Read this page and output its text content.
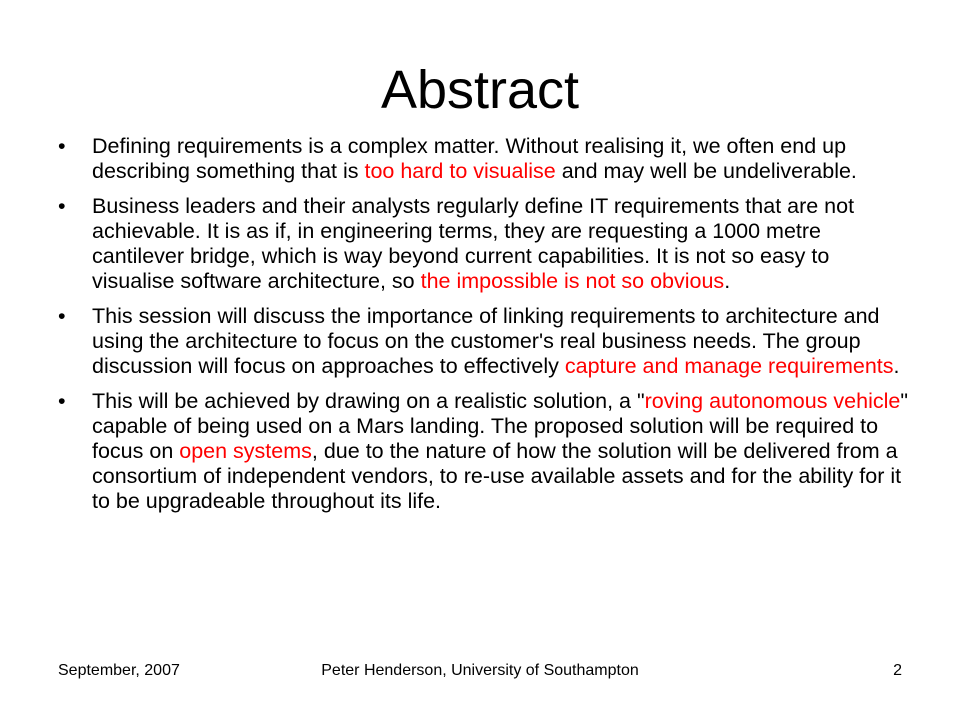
Abstract
• Defining requirements is a complex matter. Without realising it, we often end up describing something that is too hard to visualise and may well be undeliverable.
• Business leaders and their analysts regularly define IT requirements that are not achievable. It is as if, in engineering terms, they are requesting a 1000 metre cantilever bridge, which is way beyond current capabilities. It is not so easy to visualise software architecture, so the impossible is not so obvious.
• This session will discuss the importance of linking requirements to architecture and using the architecture to focus on the customer's real business needs. The group discussion will focus on approaches to effectively capture and manage requirements.
• This will be achieved by drawing on a realistic solution, a "roving autonomous vehicle" capable of being used on a Mars landing. The proposed solution will be required to focus on open systems, due to the nature of how the solution will be delivered from a consortium of independent vendors, to re-use available assets and for the ability for it to be upgradeable throughout its life.
September, 2007	Peter Henderson, University of Southampton	2
